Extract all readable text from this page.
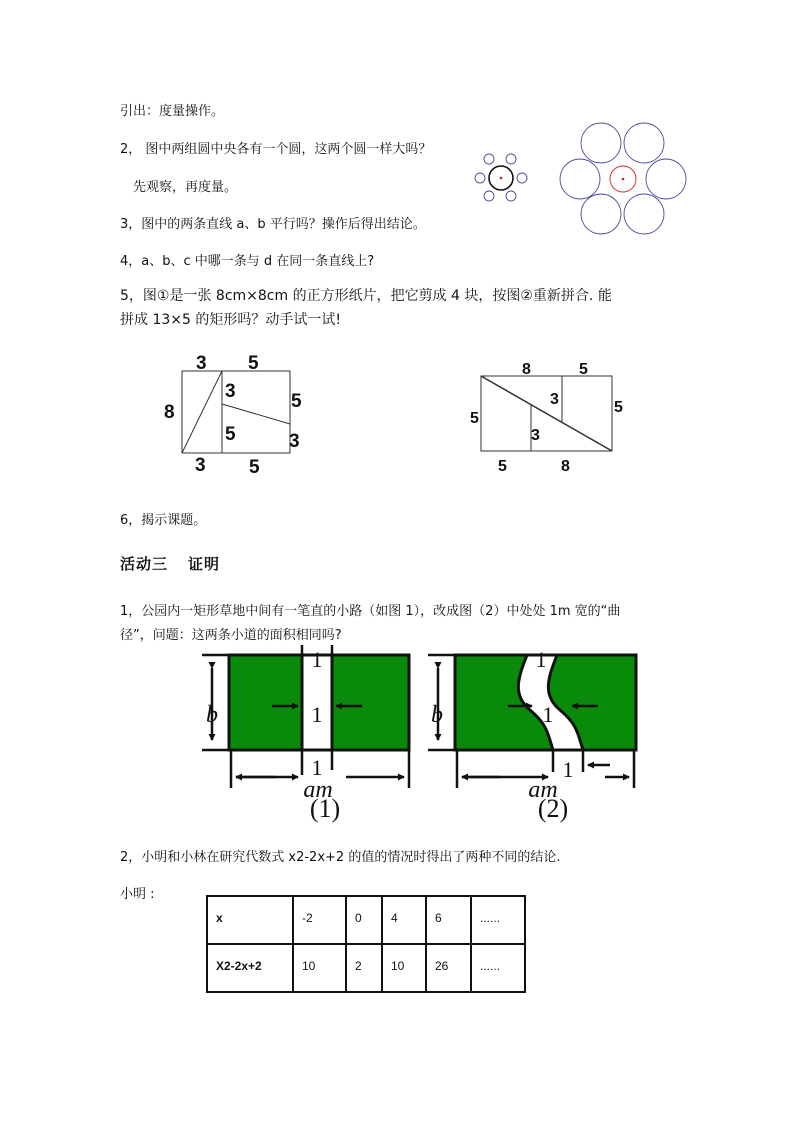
引出：度量操作。
2， 图中两组圆中央各有一个圆，这两个圆一样大吗？
先观察，再度量。
3，图中的两条直线 a、b 平行吗？操作后得出结论。
4，a、b、c 中哪一条与 d 在同一条直线上?
5，图①是一张 8cm×8cm 的正方形纸片，把它剪成 4 块，按图②重新拼合. 能
拼成 13×5 的矩形吗？动手试一试!
6，揭示课题。
活动三 证明
1，公园内一矩形草地中间有一笔直的小路（如图 1），改成图（2）中处处 1m 宽的“曲
径”，问题：这两条小道的面积相同吗?
2，小明和小林在研究代数式 x2-2x+2 的值的情况时得出了两种不同的结论.
小明 :
3 5
8
3	5
5	3
3 5
8	5
5
5
3
3
5	8
1
1
1
b
am
(1)
1
1
1
b
am
(2)
x	-2	0	4	6	......
X2-2x+2	10	2	10	26	......
